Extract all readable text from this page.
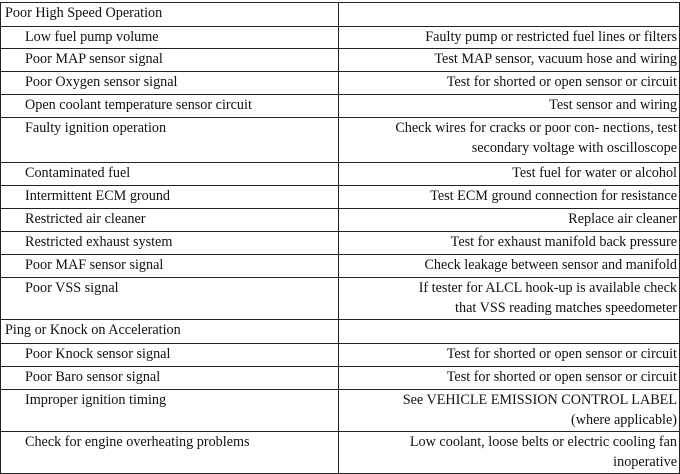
Poor High Speed Operation	
Low fuel pump volume	Faulty pump or restricted fuel lines or filters
Poor MAP sensor signal	Test MAP sensor, vacuum hose and wiring
Poor Oxygen sensor signal	Test for shorted or open sensor or circuit
Open coolant temperature sensor circuit	Test sensor and wiring
Faulty ignition operation	Check wires for cracks or poor con- nections, test
secondary voltage with oscilloscope

Contaminated fuel	Test fuel for water or alcohol
Intermittent ECM ground	Test ECM ground connection for resistance
Restricted air cleaner	Replace air cleaner
Restricted exhaust system	Test for exhaust manifold back pressure
Poor MAF sensor signal	Check leakage between sensor and manifold
Poor VSS signal	If tester for ALCL hook-up is available check
that VSS reading matches speedometer

Ping or Knock on Acceleration	
Poor Knock sensor signal	Test for shorted or open sensor or circuit
Poor Baro sensor signal	Test for shorted or open sensor or circuit
Improper ignition timing	See VEHICLE EMISSION CONTROL LABEL
(where applicable)

Check for engine overheating problems	Low coolant, loose belts or electric cooling fan
inoperative
